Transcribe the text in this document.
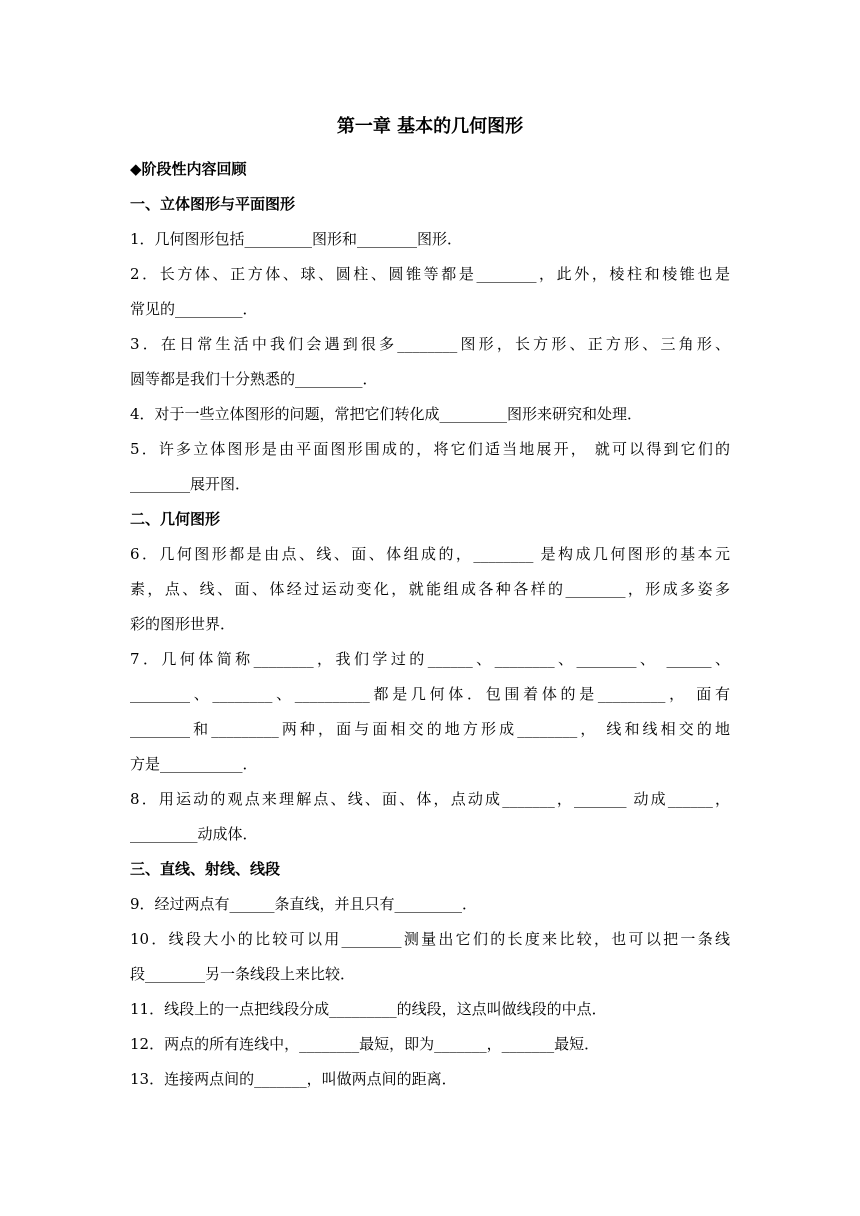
第一章 基本的几何图形
◆阶段性内容回顾
一、立体图形与平面图形
1．几何图形包括_________图形和________图形．
2．长方体、正方体、球、圆柱、圆锥等都是________，此外，棱柱和棱锥也是
常见的_________．
3．在日常生活中我们会遇到很多________图形，长方形、正方形、三角形、
圆等都是我们十分熟悉的_________．
4．对于一些立体图形的问题，常把它们转化成_________图形来研究和处理．
5．许多立体图形是由平面图形围成的，将它们适当地展开， 就可以得到它们的
________展开图．
二、几何图形
6．几何图形都是由点、线、面、体组成的，________ 是构成几何图形的基本元
素，点、线、面、体经过运动变化，就能组成各种各样的________，形成多姿多
彩的图形世界．
7．几何体简称________，我们学过的______、________、________、 ______、
________、________、__________都是几何体．包围着体的是_________， 面有
________和_________两种，面与面相交的地方形成________， 线和线相交的地
方是___________．
8．用运动的观点来理解点、线、面、体，点动成_______，_______ 动成______，
_________动成体．
三、直线、射线、线段
9．经过两点有______条直线，并且只有_________．
10．线段大小的比较可以用________测量出它们的长度来比较，也可以把一条线
段________另一条线段上来比较．
11．线段上的一点把线段分成_________的线段，这点叫做线段的中点．
12．两点的所有连线中，________最短，即为_______，_______最短．
13．连接两点间的_______，叫做两点间的距离．
